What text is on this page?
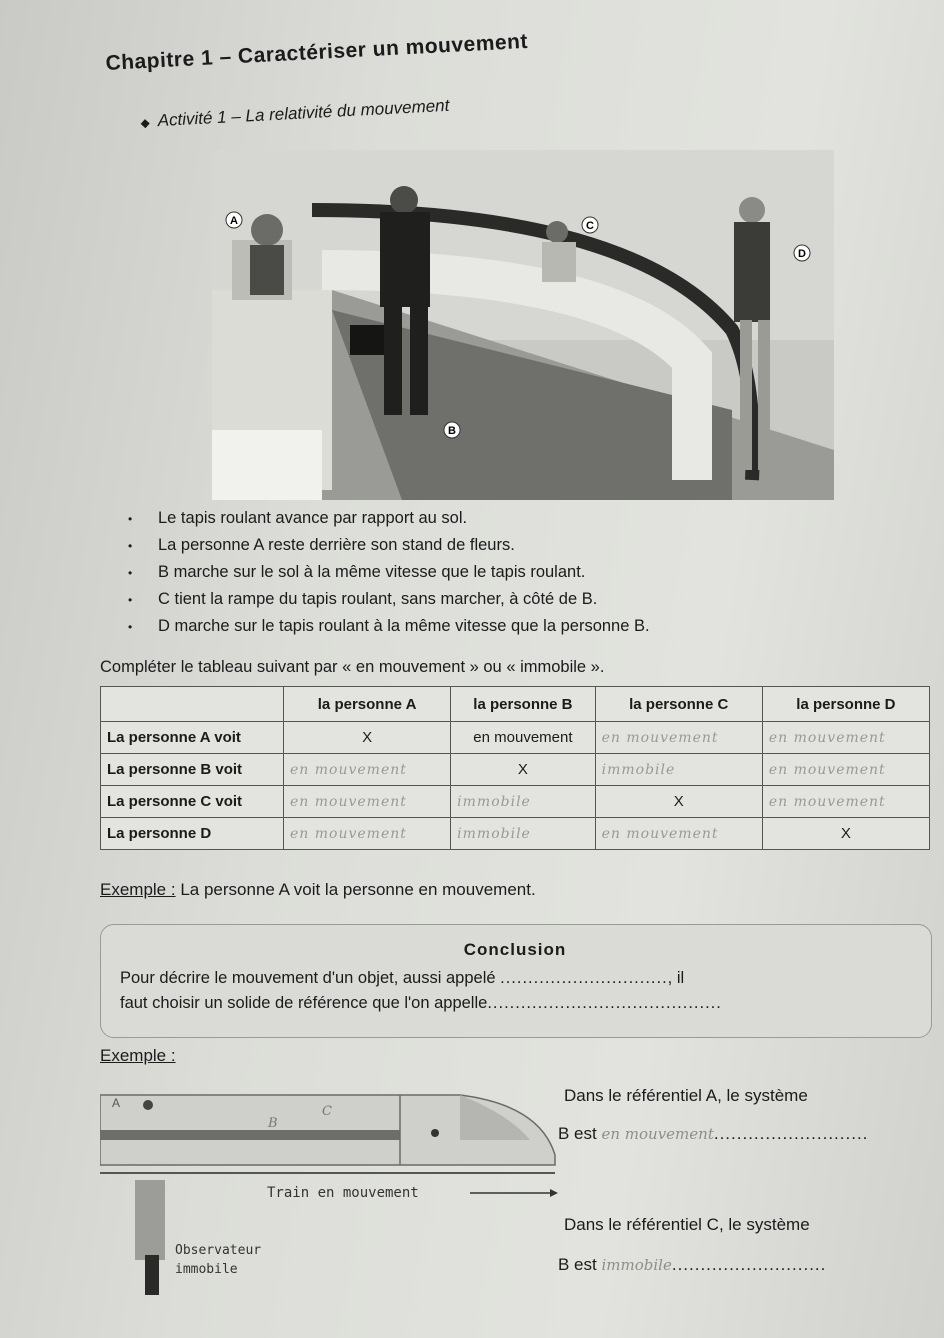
Chapitre 1 – Caractériser un mouvement
◆ Activité 1 – La relativité du mouvement
A
B
C
D
•	Le tapis roulant avance par rapport au sol.
•	La personne A reste derrière son stand de fleurs.
•	B marche sur le sol à la même vitesse que le tapis roulant.
•	C tient la rampe du tapis roulant, sans marcher, à côté de B.
•	D marche sur le tapis roulant à la même vitesse que la personne B.
Compléter le tableau suivant par « en mouvement » ou « immobile ».
	la personne A	la personne B	la personne C	la personne D
La personne A voit	X	en mouvement	en mouvement	en mouvement
La personne B voit	en mouvement	X	immobile	en mouvement
La personne C voit	en mouvement	immobile	X	en mouvement
La personne D	en mouvement	immobile	en mouvement	X
Exemple : La personne A voit la personne en mouvement.
Conclusion
Pour décrire le mouvement d'un objet, aussi appelé .............................., il
faut choisir un solide de référence que l'on appelle..........................................
Exemple :
A
B
C
Train en mouvement
Observateur
immobile
Dans le référentiel A, le système
B est en mouvement...........................
Dans le référentiel C, le système
B est immobile...........................
